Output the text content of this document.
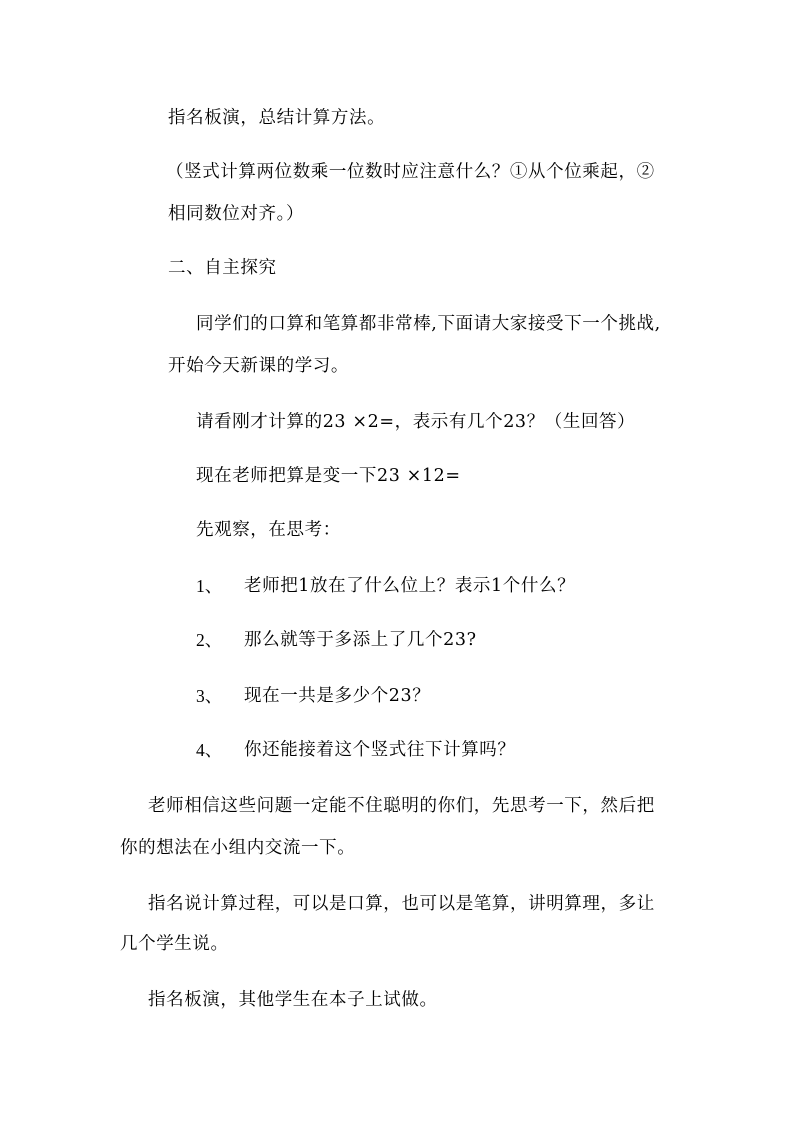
指名板演，总结计算方法。
（竖式计算两位数乘一位数时应注意什么？①从个位乘起，②
相同数位对齐。）
二、自主探究
同学们的口算和笔算都非常棒,下面请大家接受下一个挑战,
开始今天新课的学习。
请看刚才计算的23 ×2=，表示有几个23？（生回答）
现在老师把算是变一下23 ×12=
先观察，在思考：
1、 老师把1放在了什么位上？表示1个什么？
2、 那么就等于多添上了几个23?
3、 现在一共是多少个23？
4、 你还能接着这个竖式往下计算吗？
老师相信这些问题一定能不住聪明的你们，先思考一下，然后把
你的想法在小组内交流一下。
指名说计算过程，可以是口算，也可以是笔算，讲明算理，多让
几个学生说。
指名板演，其他学生在本子上试做。
